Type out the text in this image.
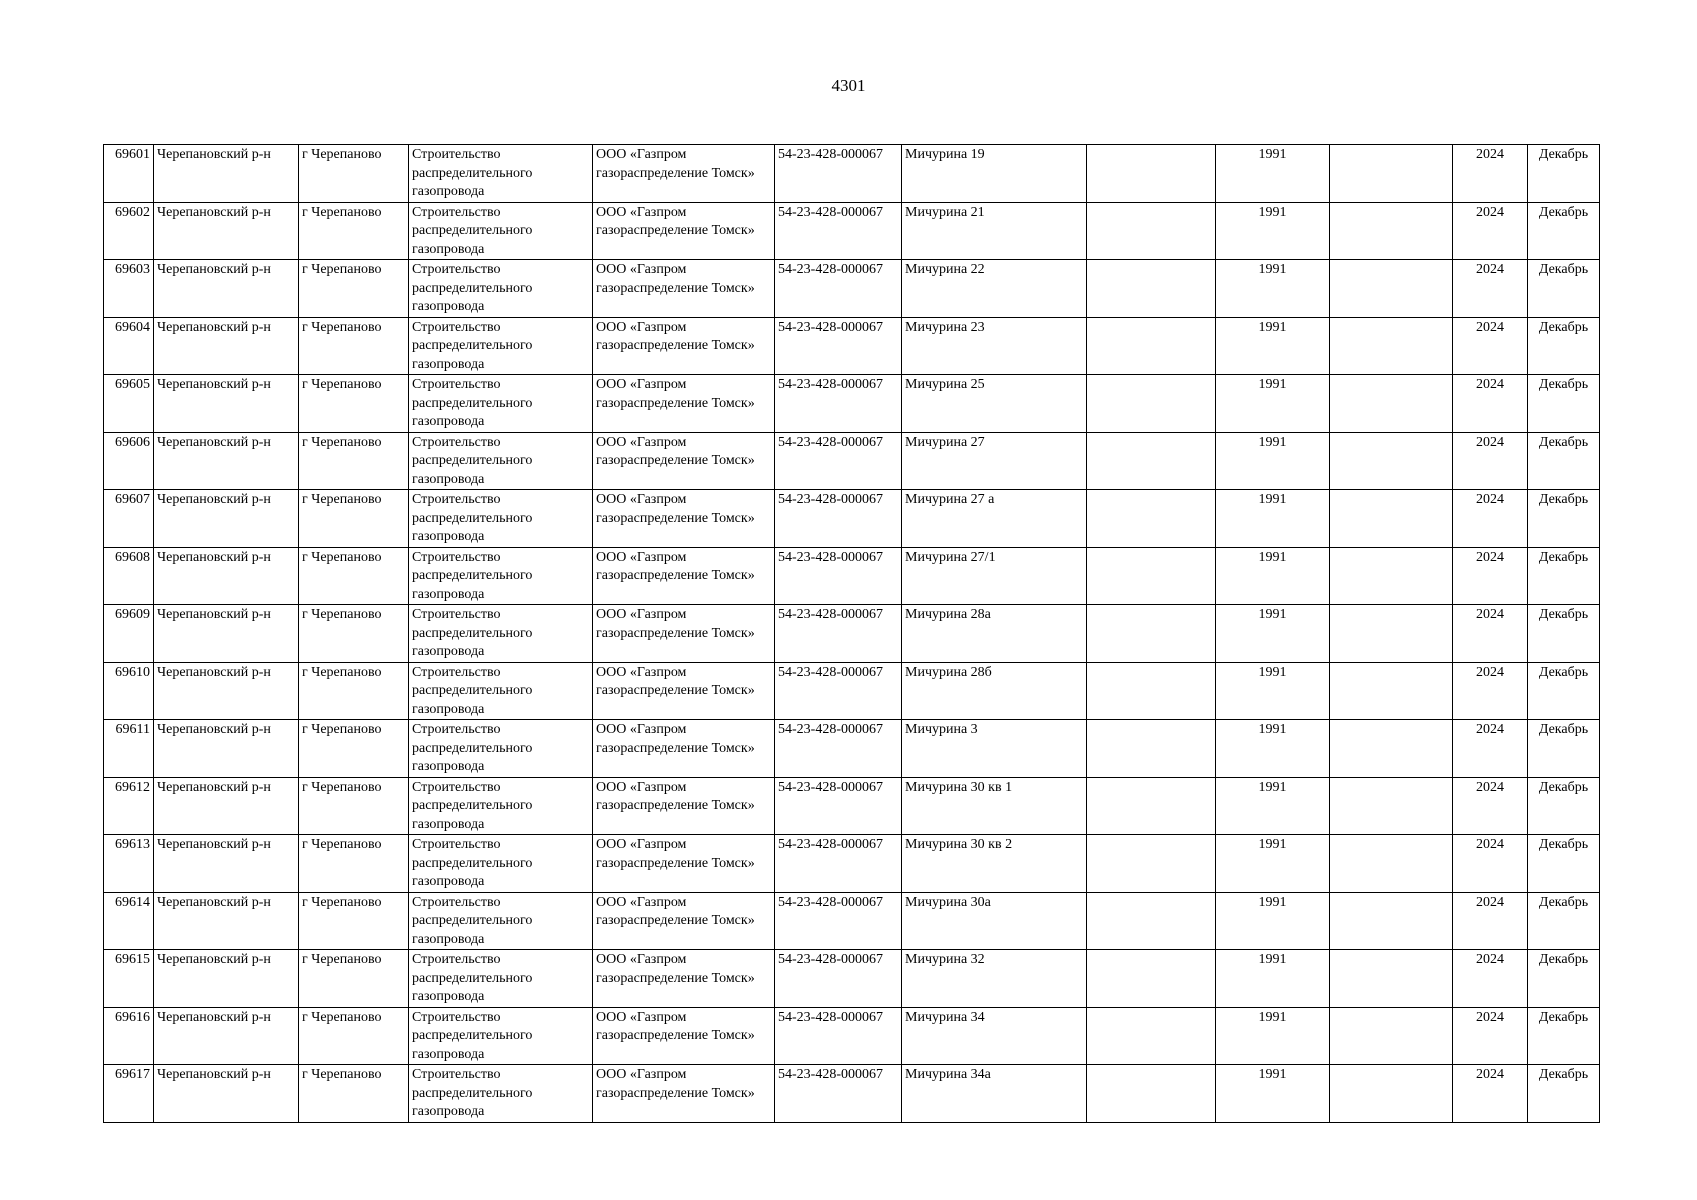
4301
69601	Черепановский р-н	г Черепаново	Строительство распределительного газопровода	ООО «Газпром газораспределение Томск»	54-23-428-000067	Мичурина 19		1991		2024	Декабрь
69602	Черепановский р-н	г Черепаново	Строительство распределительного газопровода	ООО «Газпром газораспределение Томск»	54-23-428-000067	Мичурина 21		1991		2024	Декабрь
69603	Черепановский р-н	г Черепаново	Строительство распределительного газопровода	ООО «Газпром газораспределение Томск»	54-23-428-000067	Мичурина 22		1991		2024	Декабрь
69604	Черепановский р-н	г Черепаново	Строительство распределительного газопровода	ООО «Газпром газораспределение Томск»	54-23-428-000067	Мичурина 23		1991		2024	Декабрь
69605	Черепановский р-н	г Черепаново	Строительство распределительного газопровода	ООО «Газпром газораспределение Томск»	54-23-428-000067	Мичурина 25		1991		2024	Декабрь
69606	Черепановский р-н	г Черепаново	Строительство распределительного газопровода	ООО «Газпром газораспределение Томск»	54-23-428-000067	Мичурина 27		1991		2024	Декабрь
69607	Черепановский р-н	г Черепаново	Строительство распределительного газопровода	ООО «Газпром газораспределение Томск»	54-23-428-000067	Мичурина 27 а		1991		2024	Декабрь
69608	Черепановский р-н	г Черепаново	Строительство распределительного газопровода	ООО «Газпром газораспределение Томск»	54-23-428-000067	Мичурина 27/1		1991		2024	Декабрь
69609	Черепановский р-н	г Черепаново	Строительство распределительного газопровода	ООО «Газпром газораспределение Томск»	54-23-428-000067	Мичурина 28а		1991		2024	Декабрь
69610	Черепановский р-н	г Черепаново	Строительство распределительного газопровода	ООО «Газпром газораспределение Томск»	54-23-428-000067	Мичурина 28б		1991		2024	Декабрь
69611	Черепановский р-н	г Черепаново	Строительство распределительного газопровода	ООО «Газпром газораспределение Томск»	54-23-428-000067	Мичурина 3		1991		2024	Декабрь
69612	Черепановский р-н	г Черепаново	Строительство распределительного газопровода	ООО «Газпром газораспределение Томск»	54-23-428-000067	Мичурина 30 кв 1		1991		2024	Декабрь
69613	Черепановский р-н	г Черепаново	Строительство распределительного газопровода	ООО «Газпром газораспределение Томск»	54-23-428-000067	Мичурина 30 кв 2		1991		2024	Декабрь
69614	Черепановский р-н	г Черепаново	Строительство распределительного газопровода	ООО «Газпром газораспределение Томск»	54-23-428-000067	Мичурина 30а		1991		2024	Декабрь
69615	Черепановский р-н	г Черепаново	Строительство распределительного газопровода	ООО «Газпром газораспределение Томск»	54-23-428-000067	Мичурина 32		1991		2024	Декабрь
69616	Черепановский р-н	г Черепаново	Строительство распределительного газопровода	ООО «Газпром газораспределение Томск»	54-23-428-000067	Мичурина 34		1991		2024	Декабрь
69617	Черепановский р-н	г Черепаново	Строительство распределительного газопровода	ООО «Газпром газораспределение Томск»	54-23-428-000067	Мичурина 34а		1991		2024	Декабрь
